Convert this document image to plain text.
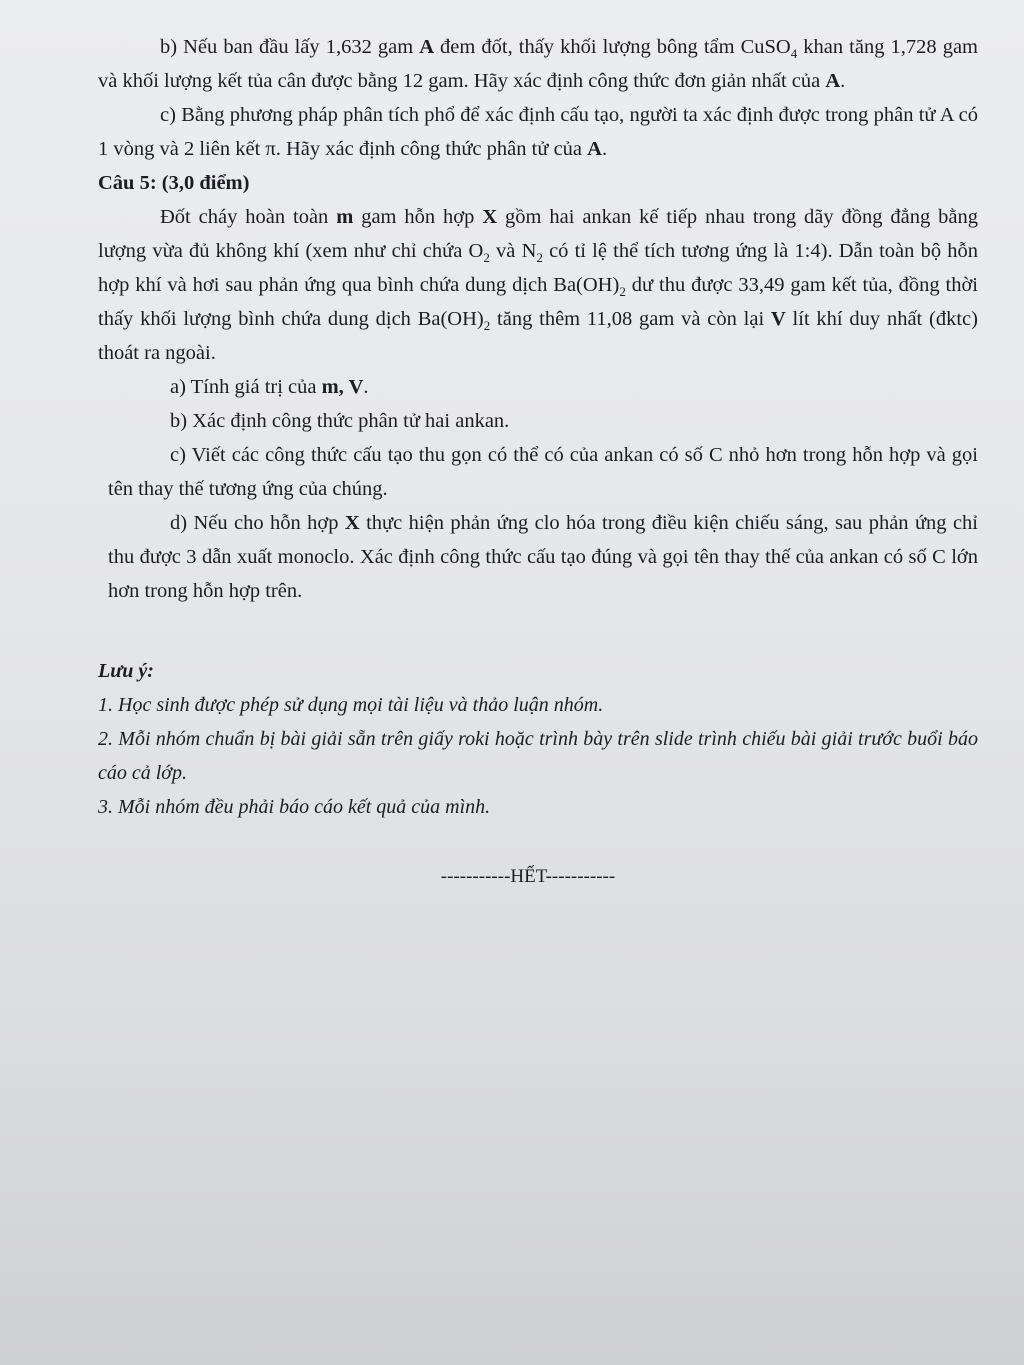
b) Nếu ban đầu lấy 1,632 gam A đem đốt, thấy khối lượng bông tẩm CuSO$_4$ khan tăng 1,728 gam và khối lượng kết tủa cân được bằng 12 gam. Hãy xác định công thức đơn giản nhất của A.

c) Bằng phương pháp phân tích phổ để xác định cấu tạo, người ta xác định được trong phân tử A có 1 vòng và 2 liên kết π. Hãy xác định công thức phân tử của A.

Câu 5: (3,0 điểm)

Đốt cháy hoàn toàn m gam hỗn hợp X gồm hai ankan kế tiếp nhau trong dãy đồng đẳng bằng lượng vừa đủ không khí (xem như chỉ chứa $O_2$ và $N_2$ có tỉ lệ thể tích tương ứng là 1:4). Dẫn toàn bộ hỗn hợp khí và hơi sau phản ứng qua bình chứa dung dịch $Ba(OH)_2$ dư thu được 33,49 gam kết tủa, đồng thời thấy khối lượng bình chứa dung dịch $Ba(OH)_2$ tăng thêm 11,08 gam và còn lại V lít khí duy nhất (đktc) thoát ra ngoài.

a) Tính giá trị của m, V.

b) Xác định công thức phân tử hai ankan.

c) Viết các công thức cấu tạo thu gọn có thể có của ankan có số C nhỏ hơn trong hỗn hợp và gọi tên thay thế tương ứng của chúng.

d) Nếu cho hỗn hợp X thực hiện phản ứng clo hóa trong điều kiện chiếu sáng, sau phản ứng chỉ thu được 3 dẫn xuất monoclo. Xác định công thức cấu tạo đúng và gọi tên thay thế của ankan có số C lớn hơn trong hỗn hợp trên.

Lưu ý:

1. Học sinh được phép sử dụng mọi tài liệu và thảo luận nhóm.

2. Mỗi nhóm chuẩn bị bài giải sẵn trên giấy roki hoặc trình bày trên slide trình chiếu bài giải trước buổi báo cáo cả lớp.

3. Mỗi nhóm đều phải báo cáo kết quả của mình.

-----------HẾT-----------
